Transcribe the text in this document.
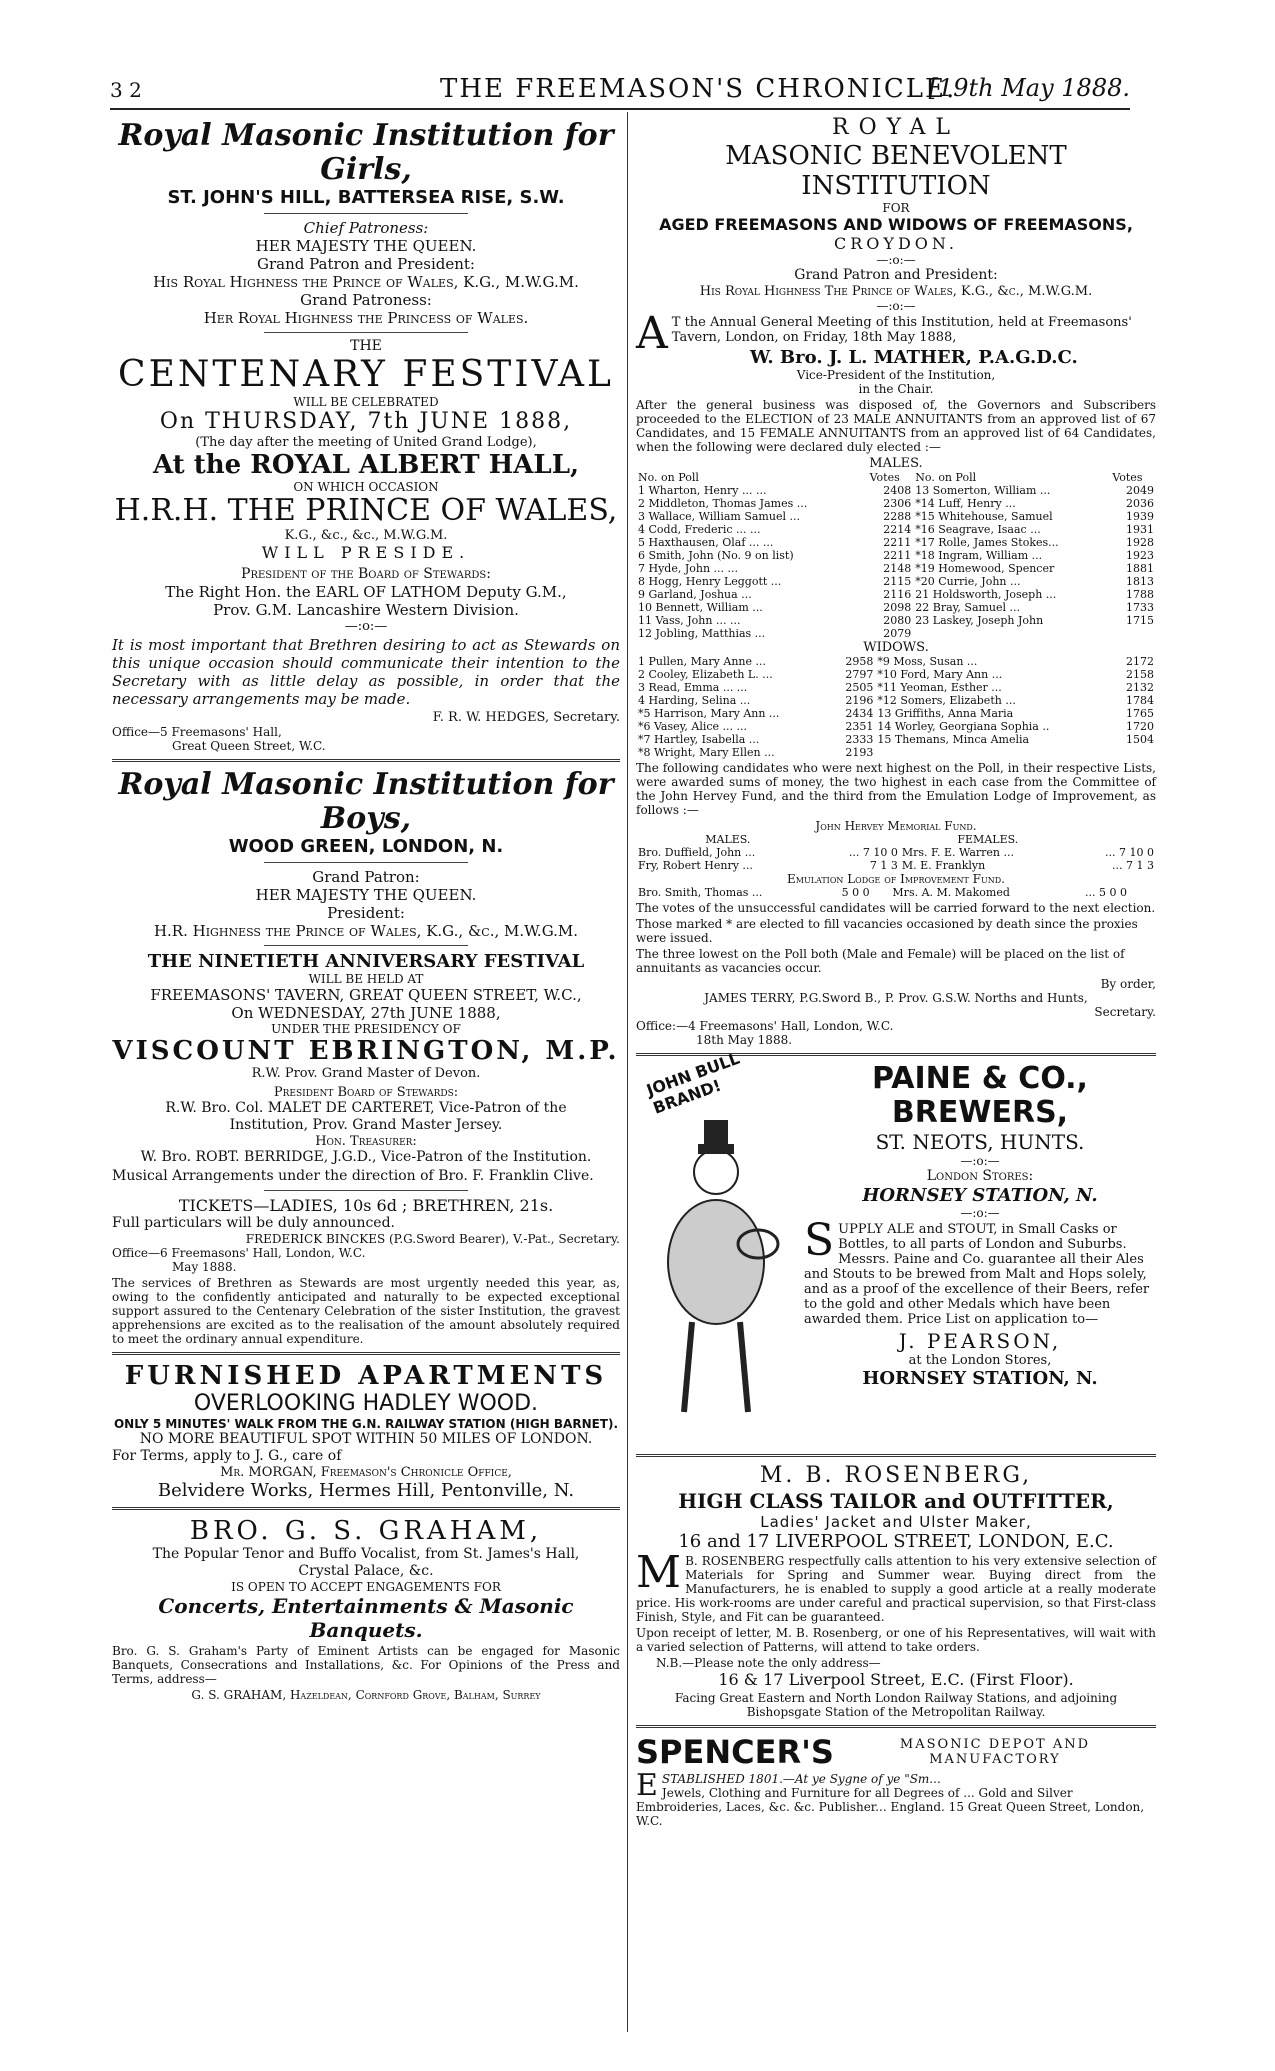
3 2	THE FREEMASON'S CHRONICLE.
[19th May 1888.
Royal Masonic Institution for Girls,
ST. JOHN'S HILL, BATTERSEA RISE, S.W.
Chief Patroness:
HER MAJESTY THE QUEEN.
Grand Patron and President:
His Royal Highness the Prince of Wales, K.G., M.W.G.M.
Grand Patroness:
Her Royal Highness the Princess of Wales.
THE
CENTENARY FESTIVAL
WILL BE CELEBRATED
On THURSDAY, 7th JUNE 1888,
(The day after the meeting of United Grand Lodge),
At the ROYAL ALBERT HALL,
ON WHICH OCCASION
H.R.H. THE PRINCE OF WALES,
K.G., &c., &c., M.W.G.M.
WILL PRESIDE.
President of the Board of Stewards:
The Right Hon. the EARL OF LATHOM Deputy G.M.,
Prov. G.M. Lancashire Western Division.
—:o:—

It is most important that Brethren desiring to act as Stewards on this unique occasion should communicate their intention to the Secretary with as little delay as possible, in order that the necessary arrangements may be made.

F. R. W. HEDGES, Secretary.
Office—5 Freemasons' Hall,
Great Queen Street, W.C.
Royal Masonic Institution for Boys,
WOOD GREEN, LONDON, N.
Grand Patron:
HER MAJESTY THE QUEEN.
President:
H.R. Highness the Prince of Wales, K.G., &c., M.W.G.M.
THE NINETIETH ANNIVERSARY FESTIVAL
WILL BE HELD AT
FREEMASONS' TAVERN, GREAT QUEEN STREET, W.C.,
On WEDNESDAY, 27th JUNE 1888,
UNDER THE PRESIDENCY OF
VISCOUNT EBRINGTON, M.P.
R.W. Prov. Grand Master of Devon.
President Board of Stewards:
R.W. Bro. Col. MALET DE CARTERET, Vice-Patron of the
Institution, Prov. Grand Master Jersey.
Hon. Treasurer:
W. Bro. ROBT. BERRIDGE, J.G.D., Vice-Patron of the Institution.

Musical Arrangements under the direction of Bro. F. Franklin Clive.

TICKETS—LADIES, 10s 6d ; BRETHREN, 21s.
Full particulars will be duly announced.
FREDERICK BINCKES (P.G.Sword Bearer), V.-Pat., Secretary.
Office—6 Freemasons' Hall, London, W.C.
May 1888.

The services of Brethren as Stewards are most urgently needed this year, as, owing to the confidently anticipated and naturally to be expected exceptional support assured to the Centenary Celebration of the sister Institution, the gravest apprehensions are excited as to the realisation of the amount absolutely required to meet the ordinary annual expenditure.

FURNISHED APARTMENTS
OVERLOOKING HADLEY WOOD.
ONLY 5 MINUTES' WALK FROM THE G.N. RAILWAY STATION (HIGH BARNET).
NO MORE BEAUTIFUL SPOT WITHIN 50 MILES OF LONDON.
For Terms, apply to J. G., care of
Mr. MORGAN, Freemason's Chronicle Office,
Belvidere Works, Hermes Hill, Pentonville, N.
BRO. G. S. GRAHAM,
The Popular Tenor and Buffo Vocalist, from St. James's Hall,
Crystal Palace, &c.
IS OPEN TO ACCEPT ENGAGEMENTS FOR
Concerts, Entertainments & Masonic Banquets.

Bro. G. S. Graham's Party of Eminent Artists can be engaged for Masonic Banquets, Consecrations and Installations, &c. For Opinions of the Press and Terms, address—

G. S. GRAHAM, Hazeldean, Cornford Grove, Balham, Surrey
ROYAL
MASONIC BENEVOLENT INSTITUTION
FOR
AGED FREEMASONS AND WIDOWS OF FREEMASONS,
CROYDON.
—:o:—
Grand Patron and President:
His Royal Highness The Prince of Wales, K.G., &c., M.W.G.M.
—:o:—

A T the Annual General Meeting of this Institution, held at Freemasons' Tavern, London, on Friday, 18th May 1888,

W. Bro. J. L. MATHER, P.A.G.D.C.
Vice-President of the Institution,
in the Chair.

After the general business was disposed of, the Governors and Subscribers proceeded to the ELECTION of 23 MALE ANNUITANTS from an approved list of 67 Candidates, and 15 FEMALE ANNUITANTS from an approved list of 64 Candidates, when the following were declared duly elected :—

MALES.
No. on Poll	Votes	No. on Poll	Votes
1 Wharton, Henry ... ...	2408	13 Somerton, William ...	2049
2 Middleton, Thomas James ...	2306	*14 Luff, Henry ...	2036
3 Wallace, William Samuel ...	2288	*15 Whitehouse, Samuel	1939
4 Codd, Frederic ... ...	2214	*16 Seagrave, Isaac ...	1931
5 Haxthausen, Olaf ... ...	2211	*17 Rolle, James Stokes...	1928
6 Smith, John (No. 9 on list)	2211	*18 Ingram, William ...	1923
7 Hyde, John ... ...	2148	*19 Homewood, Spencer	1881
8 Hogg, Henry Leggott ...	2115	*20 Currie, John ...	1813
9 Garland, Joshua ...	2116	21 Holdsworth, Joseph ...	1788
10 Bennett, William ...	2098	22 Bray, Samuel ...	1733
11 Vass, John ... ...	2080	23 Laskey, Joseph John	1715
12 Jobling, Matthias ...	2079		
WIDOWS.
1 Pullen, Mary Anne ...	2958	*9 Moss, Susan ...	2172
2 Cooley, Elizabeth L. ...	2797	*10 Ford, Mary Ann ...	2158
3 Read, Emma ... ...	2505	*11 Yeoman, Esther ...	2132
4 Harding, Selina ...	2196	*12 Somers, Elizabeth ...	1784
*5 Harrison, Mary Ann ...	2434	13 Griffiths, Anna Maria	1765
*6 Vasey, Alice ... ...	2351	14 Worley, Georgiana Sophia ..	1720
*7 Hartley, Isabella ...	2333	15 Themans, Minca Amelia	1504
*8 Wright, Mary Ellen ...	2193		

The following candidates who were next highest on the Poll, in their respective Lists, were awarded sums of money, the two highest in each case from the Committee of the John Hervey Fund, and the third from the Emulation Lodge of Improvement, as follows :—

John Hervey Memorial Fund.
MALES.		FEMALES.	
Bro. Duffield, John ...	... 7 10 0	Mrs. F. E. Warren ...	... 7 10 0
Fry, Robert Henry ...	7 1 3	M. E. Franklyn	... 7 1 3
Emulation Lodge of Improvement Fund.
Bro. Smith, Thomas ...	5 0 0	Mrs. A. M. Makomed	... 5 0 0

The votes of the unsuccessful candidates will be carried forward to the next election.

Those marked * are elected to fill vacancies occasioned by death since the proxies were issued.

The three lowest on the Poll both (Male and Female) will be placed on the list of annuitants as vacancies occur.

By order,
JAMES TERRY, P.G.Sword B., P. Prov. G.S.W. Norths and Hunts,
Secretary.
Office:—4 Freemasons' Hall, London, W.C.
18th May 1888.
JOHN BULL BRAND!	PAINE & CO., BREWERS,
ST. NEOTS, HUNTS.
—:o:—
London Stores:
HORNSEY STATION, N.
—:o:—

SUPPLY ALE and STOUT, in Small Casks or Bottles, to all parts of London and Suburbs. Messrs. Paine and Co. guarantee all their Ales and Stouts to be brewed from Malt and Hops solely, and as a proof of the excellence of their Beers, refer to the gold and other Medals which have been awarded them. Price List on application to—

J. PEARSON,
at the London Stores,
HORNSEY STATION, N.
M. B. ROSENBERG,
HIGH CLASS TAILOR and OUTFITTER,
Ladies' Jacket and Ulster Maker,
16 and 17 LIVERPOOL STREET, LONDON, E.C.

M B. ROSENBERG respectfully calls attention to his very extensive selection of Materials for Spring and Summer wear. Buying direct from the Manufacturers, he is enabled to supply a good article at a really moderate price. His work-rooms are under careful and practical supervision, so that First-class Finish, Style, and Fit can be guaranteed.

Upon receipt of letter, M. B. Rosenberg, or one of his Representatives, will wait with a varied selection of Patterns, will attend to take orders.

N.B.—Please note the only address—
16 & 17 Liverpool Street, E.C. (First Floor).

Facing Great Eastern and North London Railway Stations, and adjoining Bishopsgate Station of the Metropolitan Railway.

SPENCER'S	MASONIC DEPOT AND MANUFACTORY

ESTABLISHED 1801.—At ye Sygne of ye "Sm...
Jewels, Clothing and Furniture for all Degrees of ... Gold and Silver Embroideries, Laces, &c. &c. Publisher... England. 15 Great Queen Street, London, W.C.
